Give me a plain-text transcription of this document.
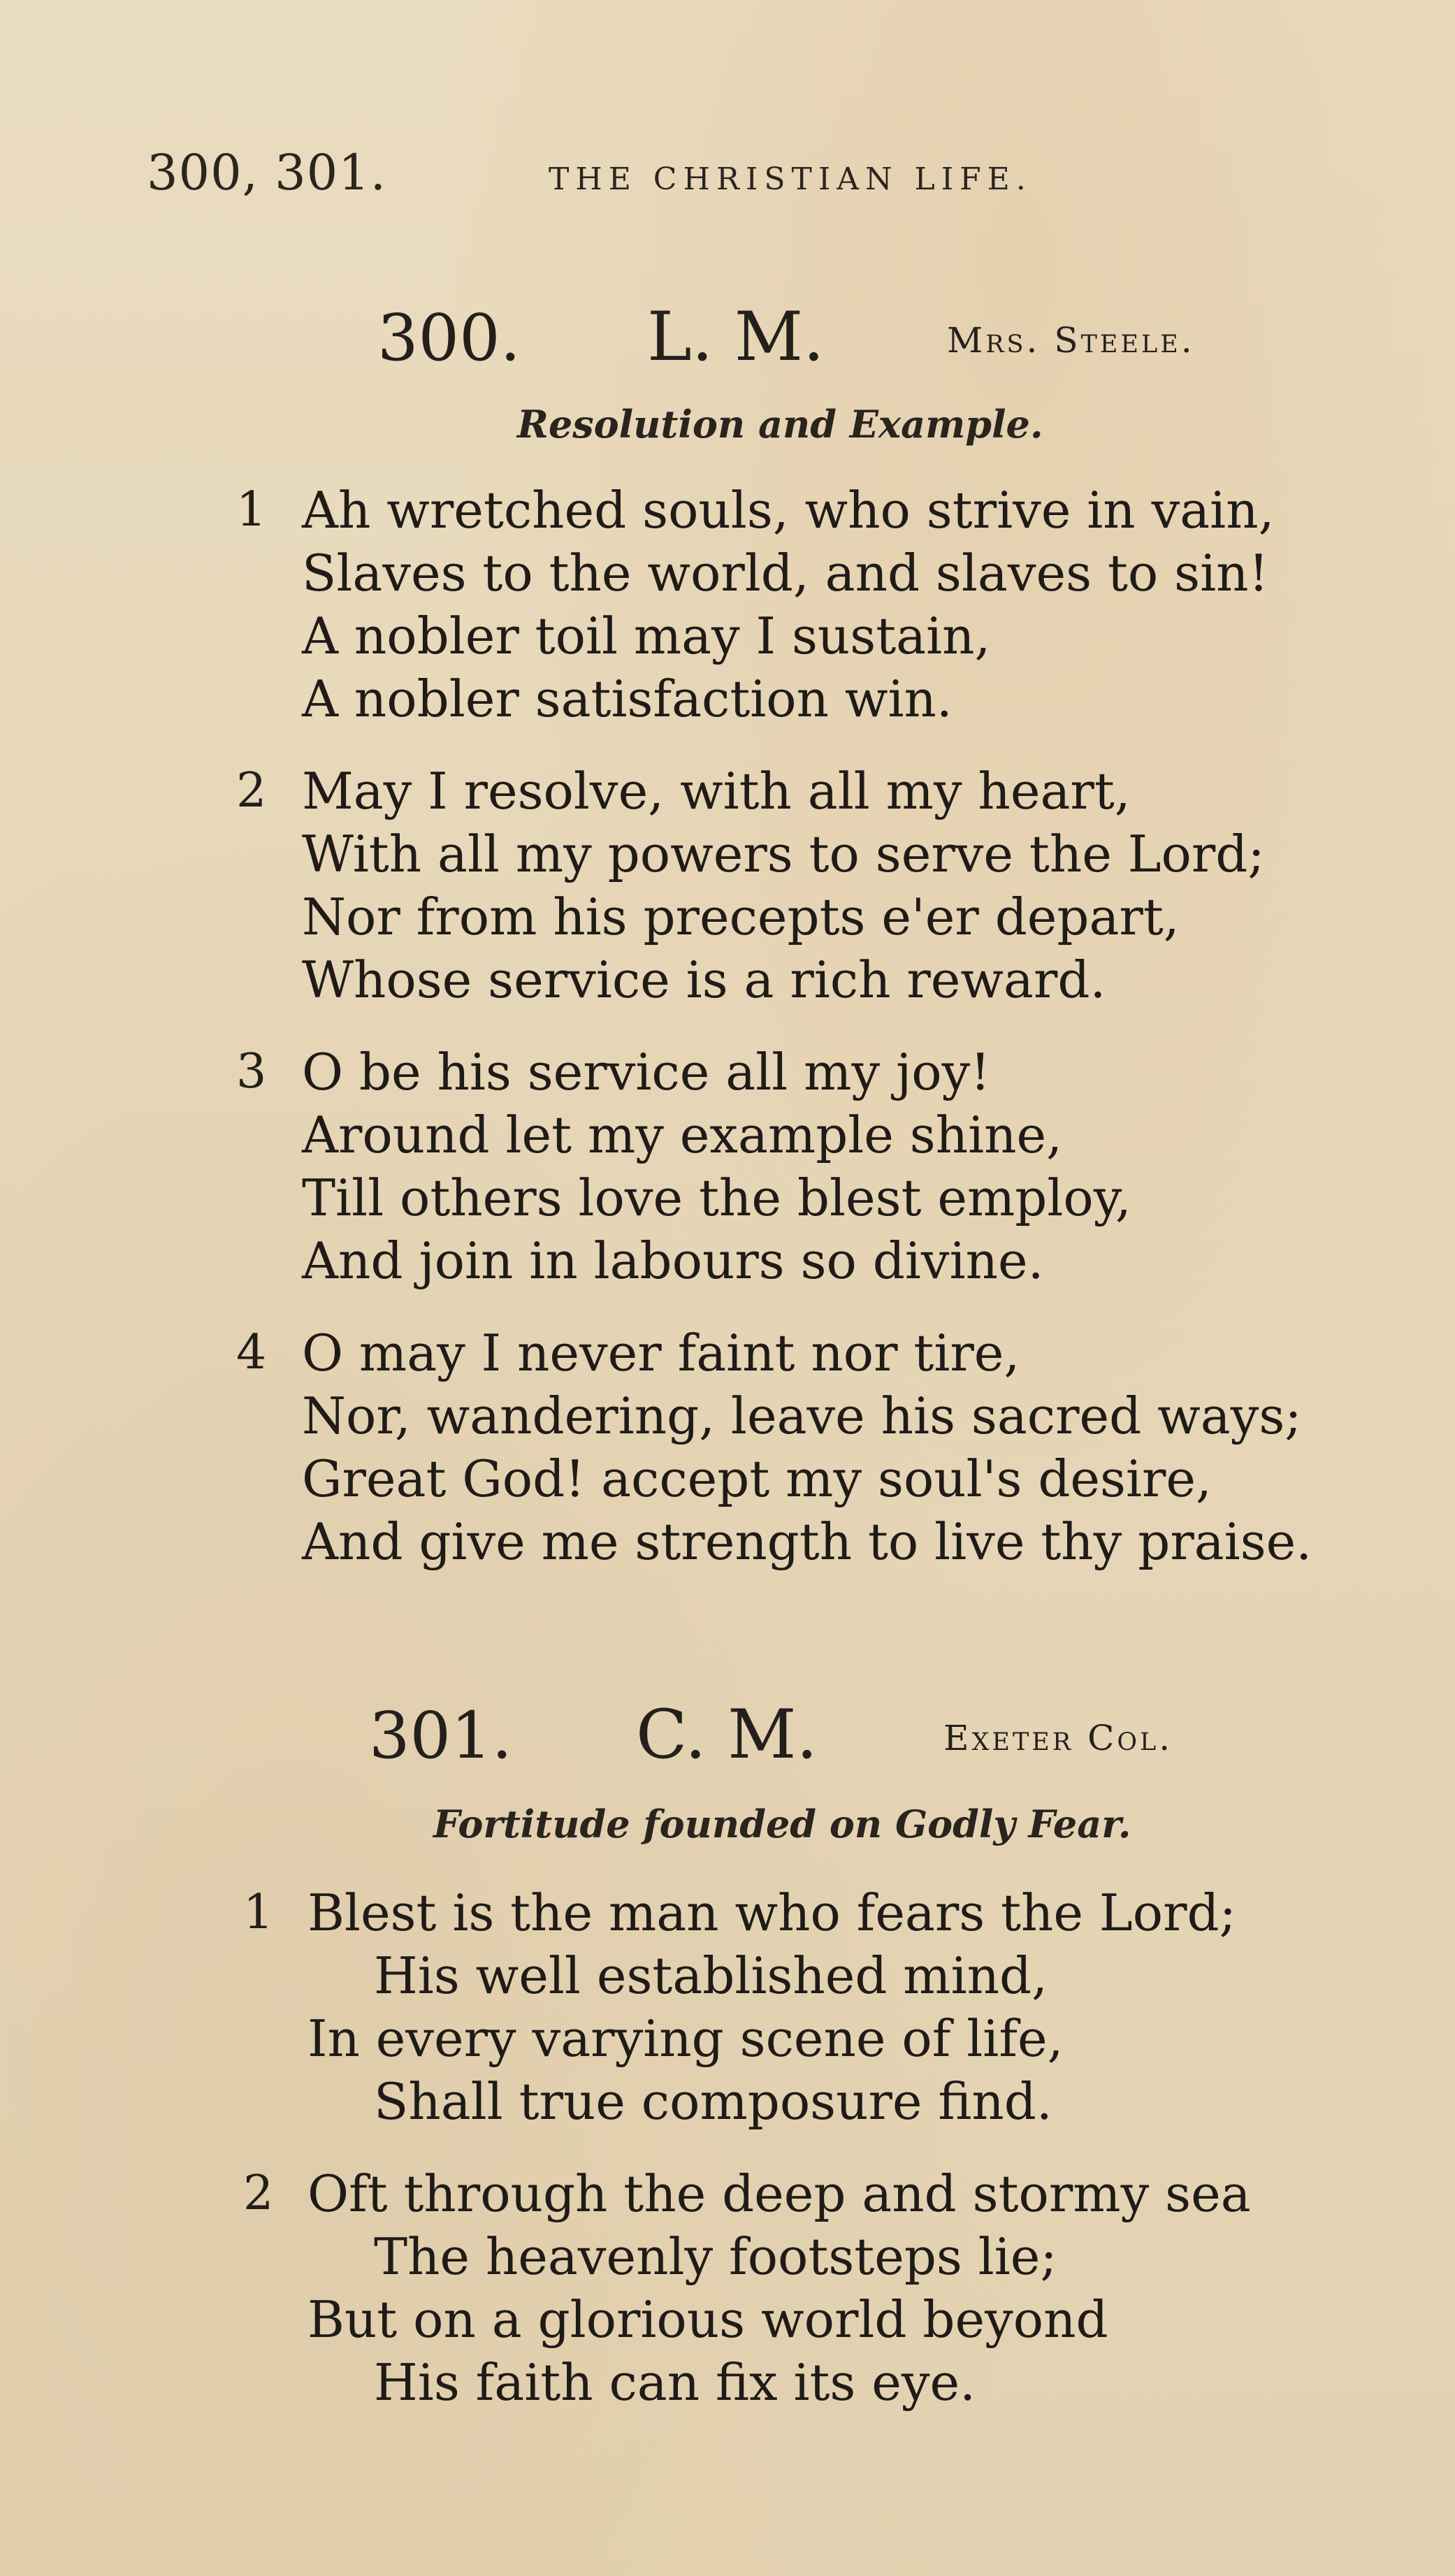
300, 301.	THE CHRISTIAN LIFE.
300. L. M.	Mrs. Steele.
Resolution and Example.
1 Ah wretched souls, who strive in vain,
Slaves to the world, and slaves to sin!
A nobler toil may I sustain,
A nobler satisfaction win.
2 May I resolve, with all my heart,
With all my powers to serve the Lord;
Nor from his precepts e'er depart,
Whose service is a rich reward.
3 O be his service all my joy!
Around let my example shine,
Till others love the blest employ,
And join in labours so divine.
4 O may I never faint nor tire,
Nor, wandering, leave his sacred ways;
Great God! accept my soul's desire,
And give me strength to live thy praise.
301. C. M.	Exeter Col.
Fortitude founded on Godly Fear.
1 Blest is the man who fears the Lord;
His well established mind,
In every varying scene of life,
Shall true composure find.
2 Oft through the deep and stormy sea
The heavenly footsteps lie;
But on a glorious world beyond
His faith can fix its eye.
